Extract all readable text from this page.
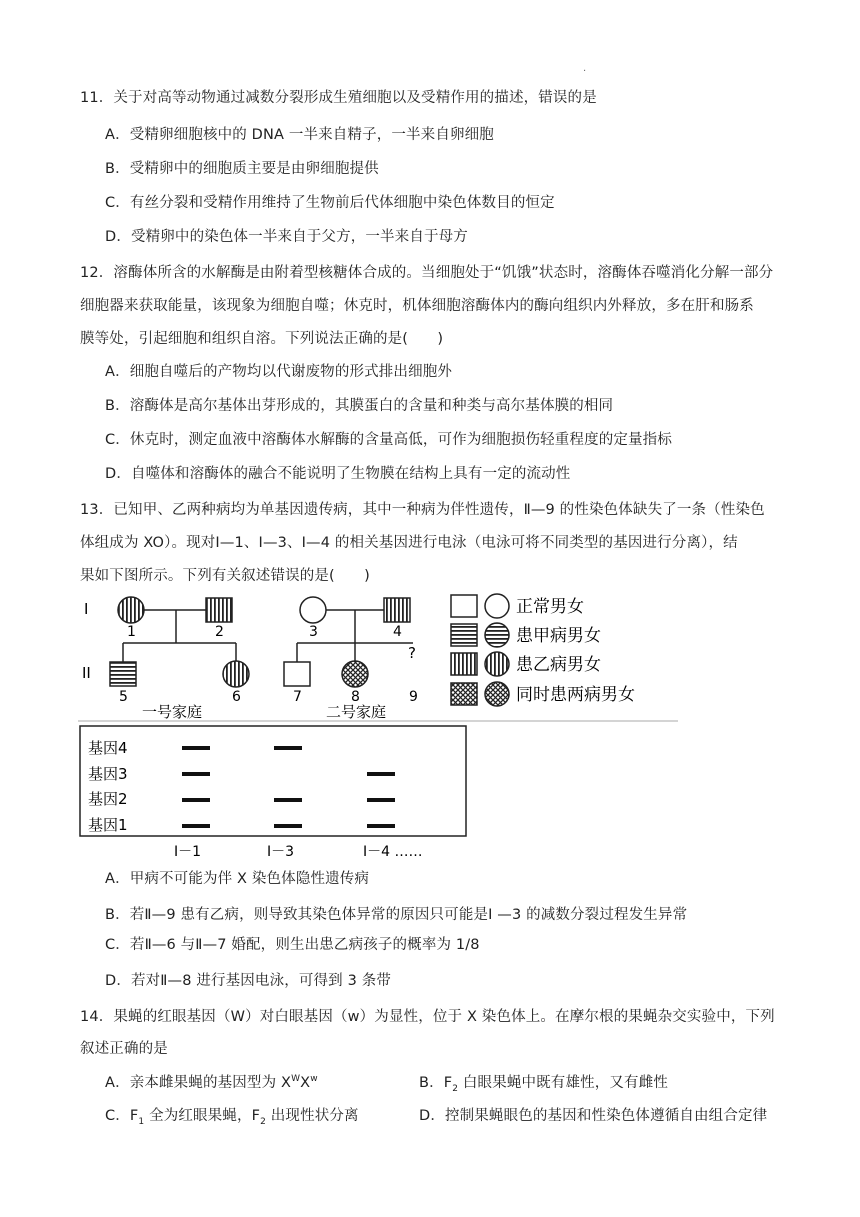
·
11．关于对高等动物通过减数分裂形成生殖细胞以及受精作用的描述，错误的是
A．受精卵细胞核中的 DNA 一半来自精子，一半来自卵细胞
B．受精卵中的细胞质主要是由卵细胞提供
C．有丝分裂和受精作用维持了生物前后代体细胞中染色体数目的恒定
D．受精卵中的染色体一半来自于父方，一半来自于母方
12．溶酶体所含的水解酶是由附着型核糖体合成的。当细胞处于“饥饿”状态时，溶酶体吞噬消化分解一部分
细胞器来获取能量，该现象为细胞自噬；休克时，机体细胞溶酶体内的酶向组织内外释放，多在肝和肠系
膜等处，引起细胞和组织自溶。下列说法正确的是(　　)
A．细胞自噬后的产物均以代谢废物的形式排出细胞外
B．溶酶体是高尔基体出芽形成的，其膜蛋白的含量和种类与高尔基体膜的相同
C．休克时，测定血液中溶酶体水解酶的含量高低，可作为细胞损伤轻重程度的定量指标
D．自噬体和溶酶体的融合不能说明了生物膜在结构上具有一定的流动性
13．已知甲、乙两种病均为单基因遗传病，其中一种病为伴性遗传，Ⅱ—9 的性染色体缺失了一条（性染色
体组成为 XO）。现对Ⅰ—1、Ⅰ—3、Ⅰ—4 的相关基因进行电泳（电泳可将不同类型的基因进行分离），结
果如下图所示。下列有关叙述错误的是(　　)
I
II
?
1	2	3	4
5	6	7	8	9
一号家庭	二号家庭
正常男女
患甲病男女
患乙病男女
同时患两病男女
基因4
基因3
基因2
基因1
I－1	I－3	I－4 ……
A．甲病不可能为伴 X 染色体隐性遗传病
B．若Ⅱ—9 患有乙病，则导致其染色体异常的原因只可能是Ⅰ —3 的减数分裂过程发生异常
C．若Ⅱ—6 与Ⅱ—7 婚配，则生出患乙病孩子的概率为 1/8
D．若对Ⅱ—8 进行基因电泳，可得到 3 条带
14．果蝇的红眼基因（W）对白眼基因（w）为显性，位于 X 染色体上。在摩尔根的果蝇杂交实验中，下列
叙述正确的是
A．亲本雌果蝇的基因型为 $X^WX^w$	B．$F_2$ 白眼果蝇中既有雄性，又有雌性
C．$F_1$ 全为红眼果蝇，$F_2$ 出现性状分离	D．控制果蝇眼色的基因和性染色体遵循自由组合定律
